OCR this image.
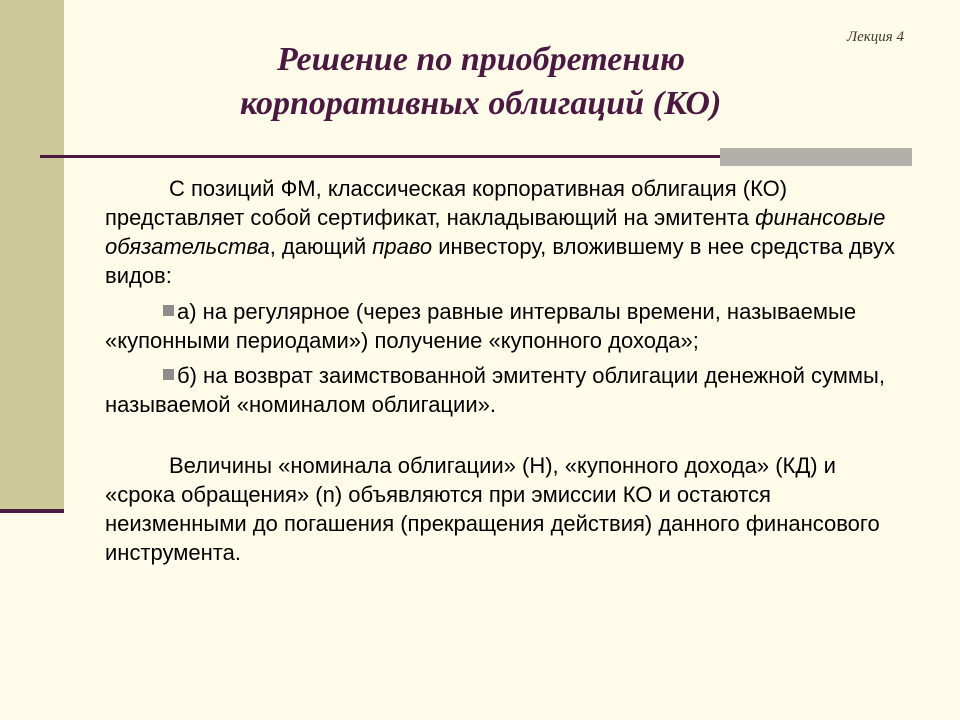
Лекция 4
Решение по приобретению
корпоративных облигаций (КО)

С позиций ФМ, классическая корпоративная облигация (КО) представляет собой сертификат, накладывающий на эмитента финансовые обязательства, дающий право инвестору, вложившему в нее средства двух видов:

а) на регулярное (через равные интервалы времени, называемые «купонными периодами») получение «купонного дохода»;

б) на возврат заимствованной эмитенту облигации денежной суммы, называемой «номиналом облигации».

Величины «номинала облигации» (Н), «купонного дохода» (КД) и «срока обращения» (n) объявляются при эмиссии КО и остаются неизменными до погашения (прекращения действия) данного финансового инструмента.
